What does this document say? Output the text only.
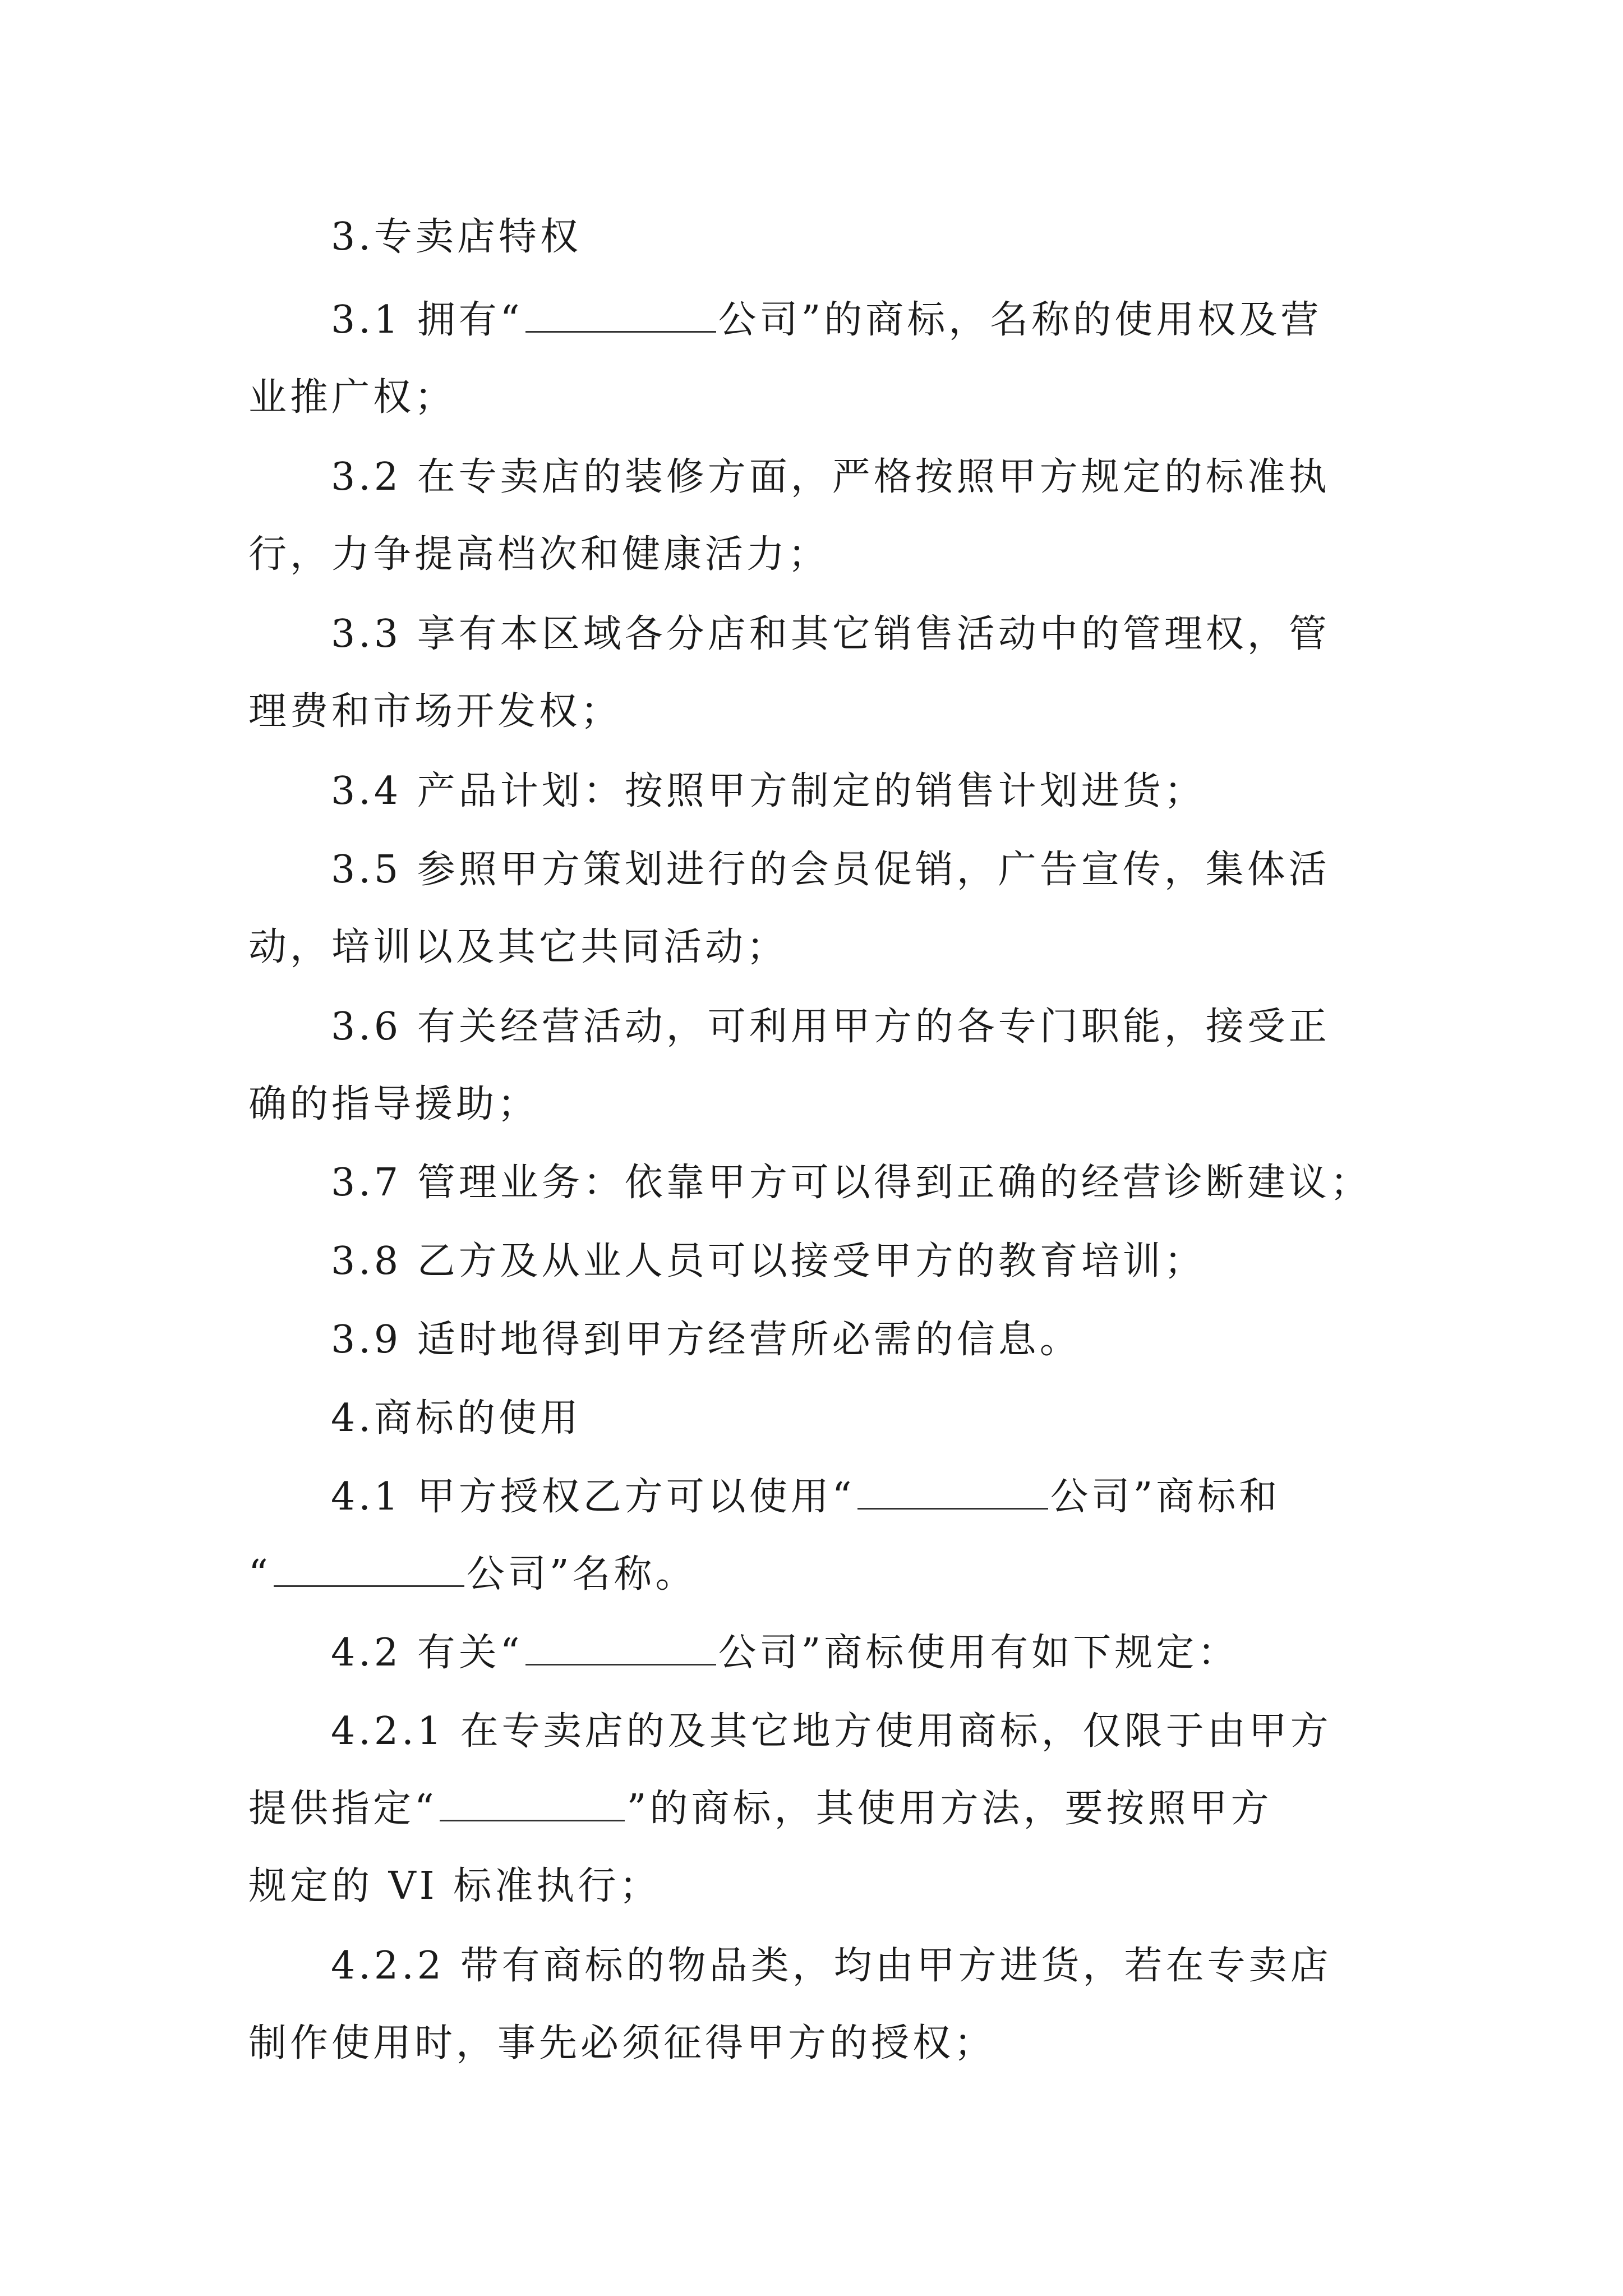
3.专卖店特权
3.1 拥有“	公司”的商标，名称的使用权及营
业推广权；
3.2 在专卖店的装修方面，严格按照甲方规定的标准执
行，力争提高档次和健康活力；
3.3 享有本区域各分店和其它销售活动中的管理权，管
理费和市场开发权；
3.4 产品计划：按照甲方制定的销售计划进货；
3.5 参照甲方策划进行的会员促销，广告宣传，集体活
动，培训以及其它共同活动；
3.6 有关经营活动，可利用甲方的各专门职能，接受正
确的指导援助；
3.7 管理业务：依靠甲方可以得到正确的经营诊断建议；
3.8 乙方及从业人员可以接受甲方的教育培训；
3.9 适时地得到甲方经营所必需的信息。
4.商标的使用
4.1 甲方授权乙方可以使用“	公司”商标和
“	公司”名称。
4.2 有关“	公司”商标使用有如下规定：
4.2.1 在专卖店的及其它地方使用商标，仅限于由甲方
提供指定“	”的商标，其使用方法，要按照甲方
规定的 VI 标准执行；
4.2.2 带有商标的物品类，均由甲方进货，若在专卖店
制作使用时，事先必须征得甲方的授权；
